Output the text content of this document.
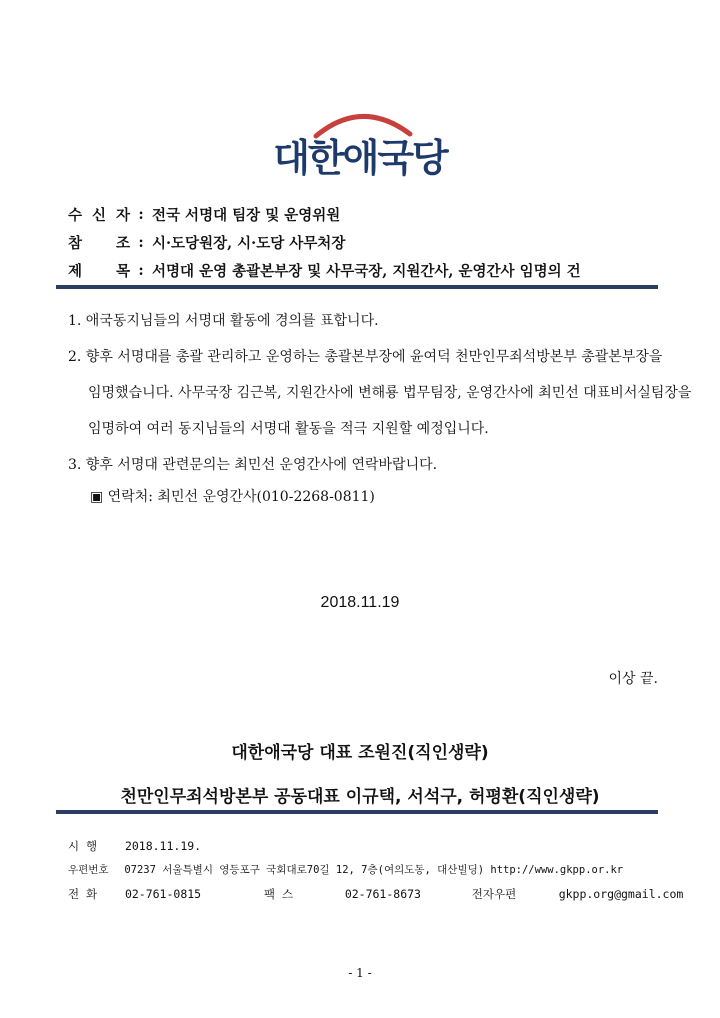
대한애국당
수 신 자 : 전국 서명대 팀장 및 운영위원
참 조 : 시·도당원장, 시·도당 사무처장
제 목 : 서명대 운영 총괄본부장 및 사무국장, 지원간사, 운영간사 임명의 건
1. 애국동지님들의 서명대 활동에 경의를 표합니다.
2. 향후 서명대를 총괄 관리하고 운영하는 총괄본부장에 윤여덕 천만인무죄석방본부 총괄본부장을
임명했습니다. 사무국장 김근복, 지원간사에 변해룡 법무팀장, 운영간사에 최민선 대표비서실팀장을
임명하여 여러 동지님들의 서명대 활동을 적극 지원할 예정입니다.
3. 향후 서명대 관련문의는 최민선 운영간사에 연락바랍니다.
▣ 연락처: 최민선 운영간사(010-2268-0811)
2018.11.19
이상 끝.
대한애국당 대표 조원진(직인생략)
천만인무죄석방본부 공동대표 이규택, 서석구, 허평환(직인생략)
시 행 2018.11.19.
우편번호 07237 서울특별시 영등포구 국회대로70길 12, 7층(여의도동, 대산빌딩) http://www.gkpp.or.kr
전 화 02-761-0815	팩 스	02-761-8673	전자우편	gkpp.org@gmail.com
- 1 -
